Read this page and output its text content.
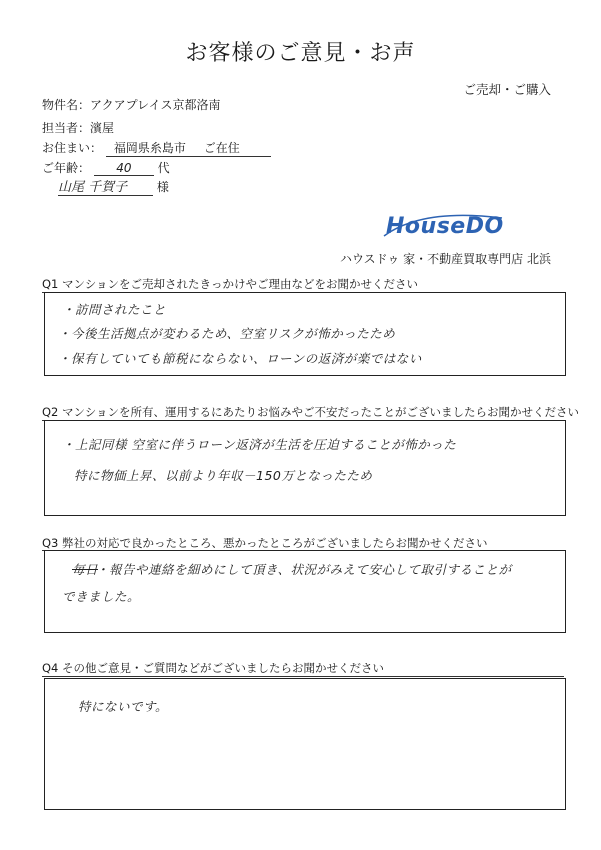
お客様のご意見・お声
ご売却・ご購入
物件名：アクアプレイス京都洛南
担当者：濱屋
お住まい： 福岡県糸島市 ご在住
ご年齢： 40 代
山尾 千賀子 様
HouseDO
ハウスドゥ 家・不動産買取専門店 北浜
Q1 マンションをご売却されたきっかけやご理由などをお聞かせください
・訪問されたこと
・今後生活拠点が変わるため、空室リスクが怖かったため
・保有していても節税にならない、ローンの返済が楽ではない
Q2 マンションを所有、運用するにあたりお悩みやご不安だったことがございましたらお聞かせください
・上記同様 空室に伴うローン返済が生活を圧迫することが怖かった
特に物価上昇、以前より年収－150万となったため
Q3 弊社の対応で良かったところ、悪かったところがございましたらお聞かせください
毎日
・報告や連絡を細めにして頂き、状況がみえて安心して取引することが
できました。
Q4 その他ご意見・ご質問などがございましたらお聞かせください
特にないです。
